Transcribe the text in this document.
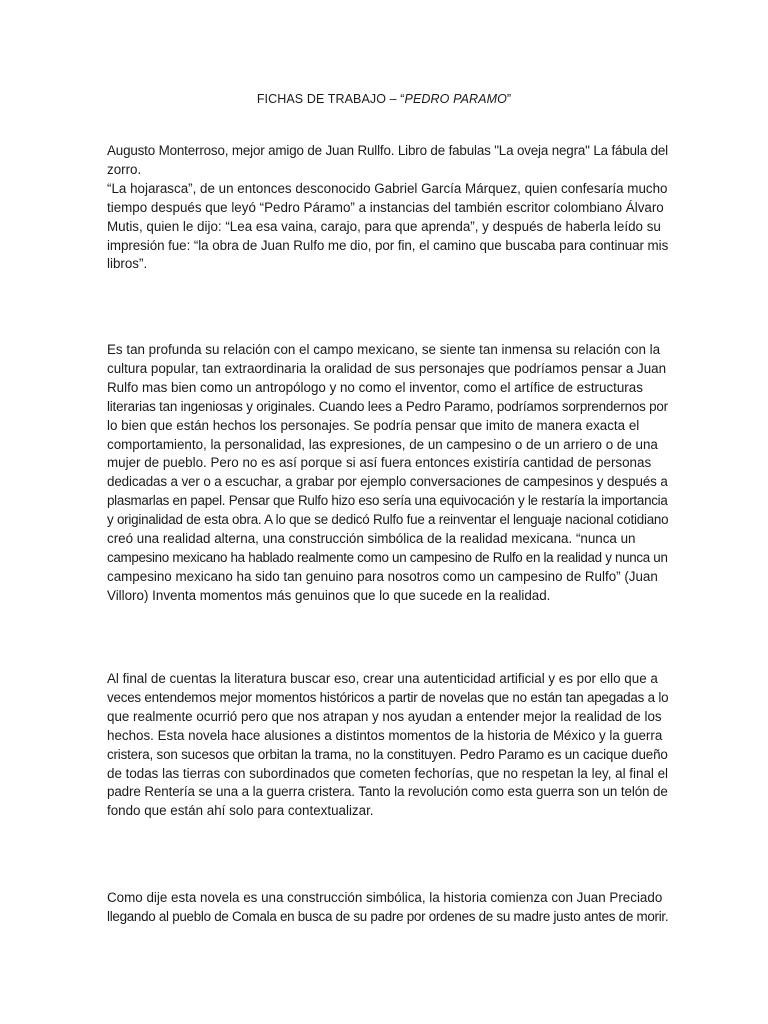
FICHAS DE TRABAJO – “PEDRO PARAMO”

Augusto Monterroso, mejor amigo de Juan Rullfo. Libro de fabulas "La oveja negra" La fábula del
zorro.
“La hojarasca”, de un entonces desconocido Gabriel García Márquez, quien confesaría mucho
tiempo después que leyó “Pedro Páramo” a instancias del también escritor colombiano Álvaro
Mutis, quien le dijo: “Lea esa vaina, carajo, para que aprenda”, y después de haberla leído su
impresión fue: “la obra de Juan Rulfo me dio, por fin, el camino que buscaba para continuar mis
libros”.

Es tan profunda su relación con el campo mexicano, se siente tan inmensa su relación con la
cultura popular, tan extraordinaria la oralidad de sus personajes que podríamos pensar a Juan
Rulfo mas bien como un antropólogo y no como el inventor, como el artífice de estructuras
literarias tan ingeniosas y originales. Cuando lees a Pedro Paramo, podríamos sorprendernos por
lo bien que están hechos los personajes. Se podría pensar que imito de manera exacta el
comportamiento, la personalidad, las expresiones, de un campesino o de un arriero o de una
mujer de pueblo. Pero no es así porque si así fuera entonces existiría cantidad de personas
dedicadas a ver o a escuchar, a grabar por ejemplo conversaciones de campesinos y después a
plasmarlas en papel. Pensar que Rulfo hizo eso sería una equivocación y le restaría la importancia
y originalidad de esta obra. A lo que se dedicó Rulfo fue a reinventar el lenguaje nacional cotidiano
creó una realidad alterna, una construcción simbólica de la realidad mexicana. “nunca un
campesino mexicano ha hablado realmente como un campesino de Rulfo en la realidad y nunca un
campesino mexicano ha sido tan genuino para nosotros como un campesino de Rulfo” (Juan
Villoro) Inventa momentos más genuinos que lo que sucede en la realidad.

Al final de cuentas la literatura buscar eso, crear una autenticidad artificial y es por ello que a
veces entendemos mejor momentos históricos a partir de novelas que no están tan apegadas a lo
que realmente ocurrió pero que nos atrapan y nos ayudan a entender mejor la realidad de los
hechos. Esta novela hace alusiones a distintos momentos de la historia de México y la guerra
cristera, son sucesos que orbitan la trama, no la constituyen. Pedro Paramo es un cacique dueño
de todas las tierras con subordinados que cometen fechorías, que no respetan la ley, al final el
padre Rentería se una a la guerra cristera. Tanto la revolución como esta guerra son un telón de
fondo que están ahí solo para contextualizar.

Como dije esta novela es una construcción simbólica, la historia comienza con Juan Preciado
llegando al pueblo de Comala en busca de su padre por ordenes de su madre justo antes de morir.
